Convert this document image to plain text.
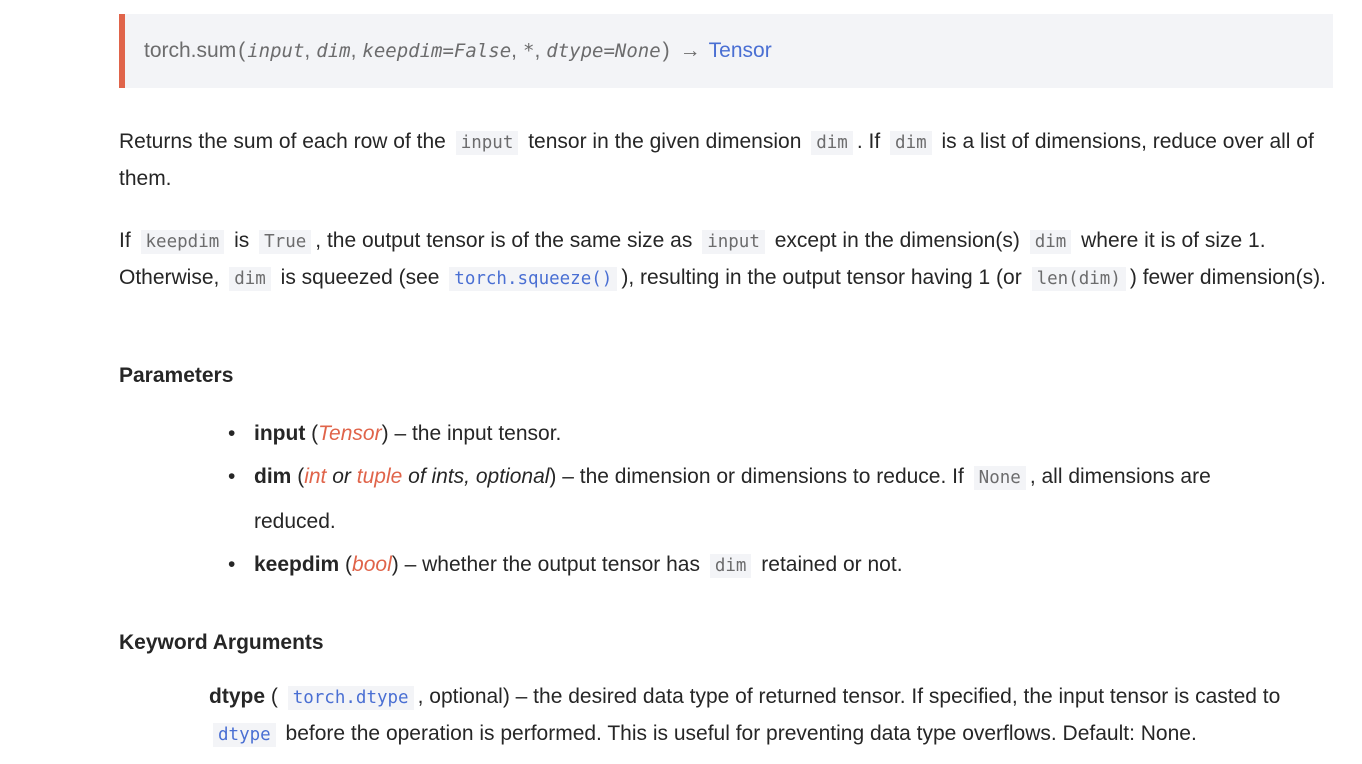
torch.sum ( input , dim , keepdim=False , * , dtype=None ) → Tensor

Returns the sum of each row of the input tensor in the given dimension dim . If dim is a list of dimensions, reduce over all of them.

If keepdim is True , the output tensor is of the same size as input except in the dimension(s) dim where it is of size 1. Otherwise, dim is squeezed (see torch.squeeze() ), resulting in the output tensor having 1 (or len(dim) ) fewer dimension(s).

Parameters
• input (Tensor) – the input tensor.
• dim (int or tuple of ints, optional) – the dimension or dimensions to reduce. If None , all dimensions are reduced.
• keepdim (bool) – whether the output tensor has dim retained or not.
Keyword Arguments

dtype ( torch.dtype , optional) – the desired data type of returned tensor. If specified, the input tensor is casted to dtype before the operation is performed. This is useful for preventing data type overflows. Default: None.
